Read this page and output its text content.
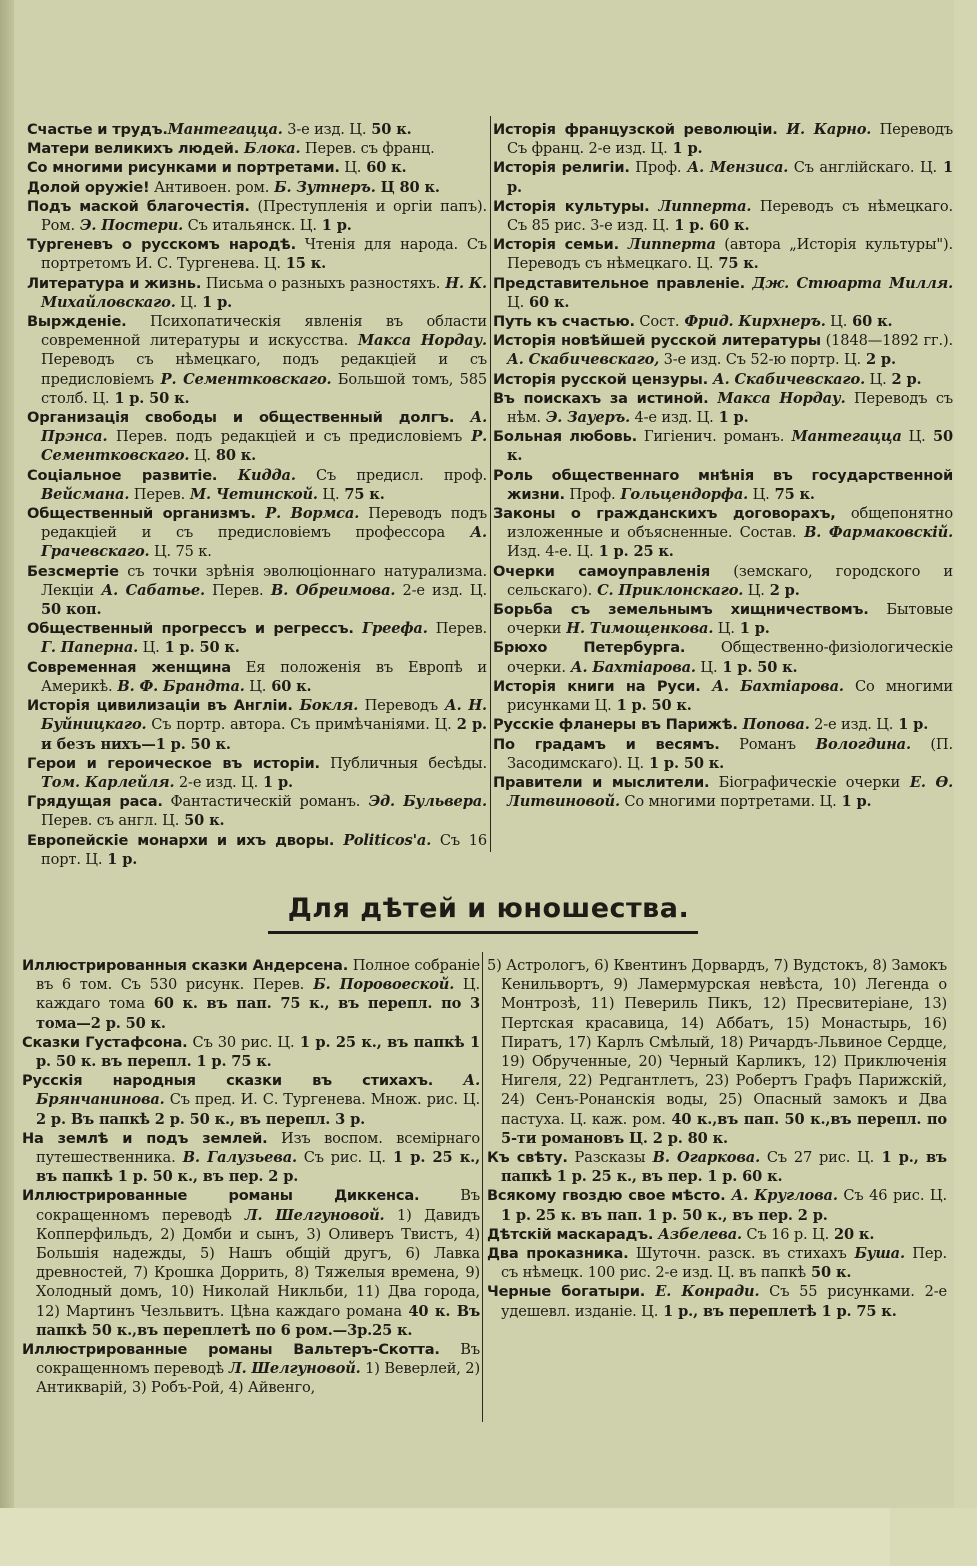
Счастье и трудъ.Мантегацца. 3-е изд. Ц. 50 к.
Матери великихъ людей. Блока. Перев. съ франц.
Со многими рисунками и портретами. Ц. 60 к.
Долой оружіе! Антивоен. ром. Б. Зутнеръ. Ц 80 к.
Подъ маской благочестія. (Преступленія и оргіи папъ). Ром. Э. Постери. Съ итальянск. Ц. 1 р.
Тургеневъ о русскомъ народѣ. Чтенія для народа. Съ портретомъ И. С. Тургенева. Ц. 15 к.
Литература и жизнь. Письма о разныхъ разностяхъ. Н. К. Михайловскаго. Ц. 1 р.
Выржденіе. Психопатическія явленія въ области современной литературы и искусства. Макса Нордау. Переводъ съ нѣмецкаго, подъ редакціей и съ предисловіемъ Р. Сементковскаго. Большой томъ, 585 столб. Ц. 1 р. 50 к.
Организація свободы и общественный долгъ. А. Прэнса. Перев. подъ редакціей и съ предисловіемъ Р. Сементковскаго. Ц. 80 к.
Соціальное развитіе. Кидда. Съ предисл. проф. Вейсмана. Перев. М. Четинской. Ц. 75 к.
Общественный организмъ. Р. Вормса. Переводъ подъ редакціей и съ предисловіемъ профессора А. Грачевскаго. Ц. 75 к.
Безсмертіе съ точки зрѣнія эволюціоннаго натурализма. Лекціи А. Сабатье. Перев. В. Обреимова. 2-е изд. Ц. 50 коп.
Общественный прогрессъ и регрессъ. Греефа. Перев. Г. Паперна. Ц. 1 р. 50 к.
Современная женщина Ея положенія въ Европѣ и Америкѣ. В. Ф. Брандта. Ц. 60 к.
Исторія цивилизаціи въ Англіи. Бокля. Переводъ А. Н. Буйницкаго. Съ портр. автора. Съ примѣчаніями. Ц. 2 р. и безъ нихъ—1 р. 50 к.
Герои и героическое въ исторіи. Публичныя бесѣды. Том. Карлейля. 2-е изд. Ц. 1 р.
Грядущая раса. Фантастическій романъ. Эд. Бульвера. Перев. съ англ. Ц. 50 к.
Европейскіе монархи и ихъ дворы. Politicos'a. Съ 16 порт. Ц. 1 р.
Исторія французской революціи. И. Карно. Переводъ Съ франц. 2-е изд. Ц. 1 р.
Исторія религіи. Проф. А. Мензиса. Съ англійскаго. Ц. 1 р.
Исторія культуры. Липперта. Переводъ съ нѣмецкаго. Съ 85 рис. 3-е изд. Ц. 1 р. 60 к.
Исторія семьи. Липперта (автора „Исторія культуры"). Переводъ съ нѣмецкаго. Ц. 75 к.
Представительное правленіе. Дж. Стюарта Милля. Ц. 60 к.
Путь къ счастью. Сост. Фрид. Кирхнеръ. Ц. 60 к.
Исторія новѣйшей русской литературы (1848—1892 гг.). А. Скабичевскаго, 3-е изд. Съ 52-ю портр. Ц. 2 р.
Исторія русской цензуры. А. Скабичевскаго. Ц. 2 р.
Въ поискахъ за истиной. Макса Нордау. Переводъ съ нѣм. Э. Зауеръ. 4-е изд. Ц. 1 р.
Больная любовь. Гигіенич. романъ. Мантегацца Ц. 50 к.
Роль общественнаго мнѣнія въ государственной жизни. Проф. Гольцендорфа. Ц. 75 к.
Законы о гражданскихъ договорахъ, общепонятно изложенные и объясненные. Состав. В. Фармаковскій. Изд. 4-е. Ц. 1 р. 25 к.
Очерки самоуправленія (земскаго, городского и сельскаго). С. Приклонскаго. Ц. 2 р.
Борьба съ земельнымъ хищничествомъ. Бытовые очерки Н. Тимощенкова. Ц. 1 р.
Брюхо Петербурга. Общественно-физіологическіе очерки. А. Бахтіарова. Ц. 1 р. 50 к.
Исторія книги на Руси. А. Бахтіарова. Со многими рисунками Ц. 1 р. 50 к.
Русскіе фланеры въ Парижѣ. Попова. 2-е изд. Ц. 1 р.
По градамъ и весямъ. Романъ Вологдина. (П. Засодимскаго). Ц. 1 р. 50 к.
Правители и мыслители. Біографическіе очерки Е. Ө. Литвиновой. Со многими портретами. Ц. 1 р.
Для дѣтей и юношества.
Иллюстрированныя сказки Андерсена. Полное собраніе въ 6 том. Съ 530 рисунк. Перев. Б. Поровоеской. Ц. каждаго тома 60 к. въ пап. 75 к., въ перепл. по 3 тома—2 р. 50 к.
Сказки Густафсона. Съ 30 рис. Ц. 1 р. 25 к., въ папкѣ 1 р. 50 к. въ перепл. 1 р. 75 к.
Русскія народныя сказки въ стихахъ. А. Брянчанинова. Съ пред. И. С. Тургенева. Множ. рис. Ц. 2 р. Въ папкѣ 2 р. 50 к., въ перепл. 3 р.
На землѣ и подъ землей. Изъ воспом. всемірнаго путешественника. В. Галузьева. Съ рис. Ц. 1 р. 25 к., въ папкѣ 1 р. 50 к., въ пер. 2 р.
Иллюстрированные романы Диккенса. Въ сокращенномъ переводѣ Л. Шелгуновой. 1) Давидъ Копперфильдъ, 2) Домби и сынъ, 3) Оливеръ Твистъ, 4) Большія надежды, 5) Нашъ общій другъ, 6) Лавка древностей, 7) Крошка Доррить, 8) Тяжелыя времена, 9) Холодный домъ, 10) Николай Никльби, 11) Два города, 12) Мартинъ Чезльвитъ. Цѣна каждаго романа 40 к. Въ папкѣ 50 к.,въ переплетѣ по 6 ром.—3р.25 к.
Иллюстрированные романы Вальтеръ-Скотта. Въ сокращенномъ переводѣ Л. Шелгуновой. 1) Веверлей, 2) Антикварій, 3) Робъ-Рой, 4) Айвенго,
5) Астрологъ, 6) Квентинъ Дорвардъ, 7) Вудстокъ, 8) Замокъ Кенильвортъ, 9) Ламермурская невѣста, 10) Легенда о Монтрозѣ, 11) Певериль Пикъ, 12) Пресвитеріане, 13) Пертская красавица, 14) Аббатъ, 15) Монастырь, 16) Пиратъ, 17) Карлъ Смѣлый, 18) Ричардъ-Львиное Сердце, 19) Обрученные, 20) Черный Карликъ, 12) Приключенія Нигеля, 22) Редгантлетъ, 23) Робертъ Графъ Парижскій, 24) Сенъ-Ронанскія воды, 25) Опасный замокъ и Два пастуха. Ц. каж. ром. 40 к.,въ пап. 50 к.,въ перепл. по 5-ти романовъ Ц. 2 р. 80 к.
Къ свѣту. Разсказы В. Огаркова. Съ 27 рис. Ц. 1 р., въ папкѣ 1 р. 25 к., въ пер. 1 р. 60 к.
Всякому гвоздю свое мѣсто. А. Круглова. Съ 46 рис. Ц. 1 р. 25 к. въ пап. 1 р. 50 к., въ пер. 2 р.
Дѣтскій маскарадъ. Азбелева. Съ 16 р. Ц. 20 к.
Два проказника. Шуточн. разск. въ стихахъ Буша. Пер. съ нѣмецк. 100 рис. 2-е изд. Ц. въ папкѣ 50 к.
Черные богатыри. Е. Конради. Съ 55 рисунками. 2-е удешевл. изданіе. Ц. 1 р., въ переплетѣ 1 р. 75 к.
